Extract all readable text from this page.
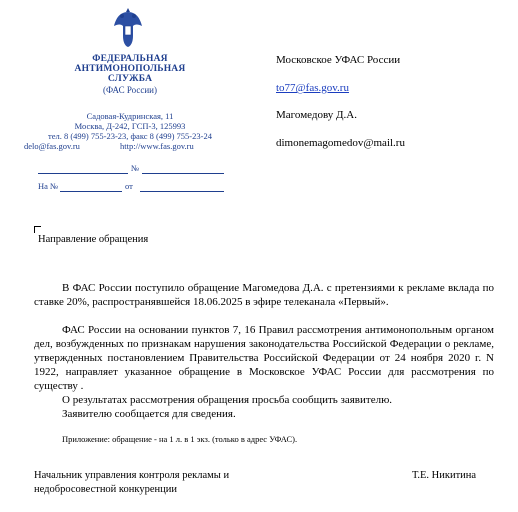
ФЕДЕРАЛЬНАЯ
АНТИМОНОПОЛЬНАЯ
СЛУЖБА
(ФАС России)
Садовая-Кудринская, 11
Москва, Д-242, ГСП-3, 125993
тел. 8 (499) 755-23-23, факс 8 (499) 755-23-24
delo@fas.gov.ru	http://www.fas.gov.ru
№
На №	от
Московское УФАС России
to77@fas.gov.ru
Магомедову Д.А.
dimonemagomedov@mail.ru
Направление обращения
В ФАС России поступило обращение Магомедова Д.А. с претензиями к рекламе вклада по ставке 20%, распространявшейся 18.06.2025 в эфире телеканала «Первый».
ФАС России на основании пунктов 7, 16 Правил рассмотрения антимонопольным органом дел, возбужденных по признакам нарушения законодательства Российской Федерации о рекламе, утвержденных постановлением Правительства Российской Федерации от 24 ноября 2020 г. N 1922, направляет указанное обращение в Московское УФАС России для рассмотрения по существу .
О результатах рассмотрения обращения просьба сообщить заявителю.
Заявителю сообщается для сведения.
Приложение: обращение - на 1 л. в 1 экз. (только в адрес УФАС).
Начальник управления контроля рекламы и
недобросовестной конкуренции
Т.Е. Никитина
